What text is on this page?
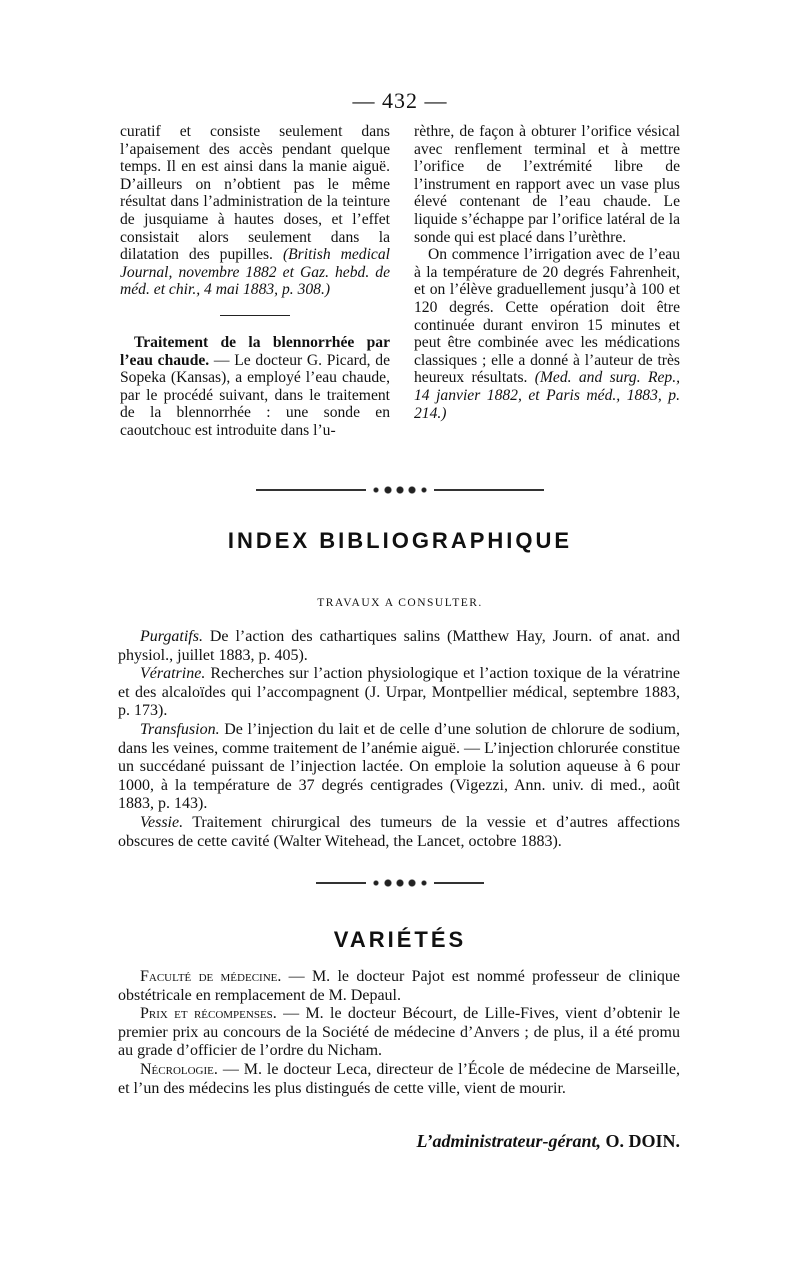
— 432 —

curatif et consiste seulement dans l’apaisement des accès pendant quelque temps. Il en est ainsi dans la manie aiguë. D’ailleurs on n’obtient pas le même résultat dans l’administration de la teinture de jusquiame à hautes doses, et l’effet consistait alors seulement dans la dilatation des pupilles. (British medical Journal, novembre 1882 et Gaz. hebd. de méd. et chir., 4 mai 1883, p. 308.)

Traitement de la blennorrhée par l’eau chaude. — Le docteur G. Picard, de Sopeka (Kansas), a employé l’eau chaude, par le procédé suivant, dans le traitement de la blennorrhée : une sonde en caoutchouc est introduite dans l’u-

rèthre, de façon à obturer l’orifice vésical avec renflement terminal et à mettre l’orifice de l’extrémité libre de l’instrument en rapport avec un vase plus élevé contenant de l’eau chaude. Le liquide s’échappe par l’orifice latéral de la sonde qui est placé dans l’urèthre.

On commence l’irrigation avec de l’eau à la température de 20 degrés Fahrenheit, et on l’élève graduellement jusqu’à 100 et 120 degrés. Cette opération doit être continuée durant environ 15 minutes et peut être combinée avec les médications classiques ; elle a donné à l’auteur de très heureux résultats. (Med. and surg. Rep., 14 janvier 1882, et Paris méd., 1883, p. 214.)

INDEX BIBLIOGRAPHIQUE
TRAVAUX A CONSULTER.

Purgatifs. De l’action des cathartiques salins (Matthew Hay, Journ. of anat. and physiol., juillet 1883, p. 405).

Vératrine. Recherches sur l’action physiologique et l’action toxique de la vératrine et des alcaloïdes qui l’accompagnent (J. Urpar, Montpellier médical, septembre 1883, p. 173).

Transfusion. De l’injection du lait et de celle d’une solution de chlorure de sodium, dans les veines, comme traitement de l’anémie aiguë. — L’injection chlorurée constitue un succédané puissant de l’injection lactée. On emploie la solution aqueuse à 6 pour 1000, à la température de 37 degrés centigrades (Vigezzi, Ann. univ. di med., août 1883, p. 143).

Vessie. Traitement chirurgical des tumeurs de la vessie et d’autres affections obscures de cette cavité (Walter Witehead, the Lancet, octobre 1883).

VARIÉTÉS

Faculté de médecine. — M. le docteur Pajot est nommé professeur de clinique obstétricale en remplacement de M. Depaul.

Prix et récompenses. — M. le docteur Bécourt, de Lille-Fives, vient d’obtenir le premier prix au concours de la Société de médecine d’Anvers ; de plus, il a été promu au grade d’officier de l’ordre du Nicham.

Nécrologie. — M. le docteur Leca, directeur de l’École de médecine de Marseille, et l’un des médecins les plus distingués de cette ville, vient de mourir.

L’administrateur-gérant, O. DOIN.
